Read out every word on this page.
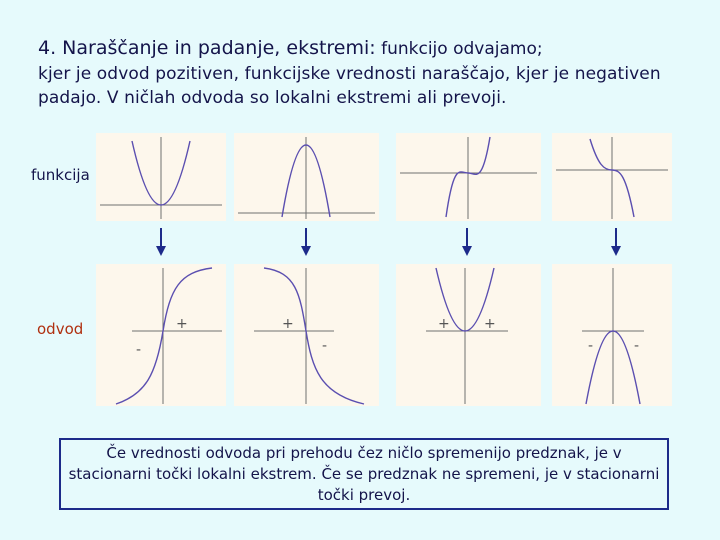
4. Naraščanje in padanje, ekstremi: funkcijo odvajamo;
kjer je odvod pozitiven, funkcijske vrednosti naraščajo, kjer je negativen padajo. V ničlah odvoda so lokalni ekstremi ali prevoji.
funkcija
odvod
-
+	+
-
+ +
-	-
Če vrednosti odvoda pri prehodu čez ničlo spremenijo predznak, je v stacionarni točki lokalni ekstrem. Če se predznak ne spremeni, je v stacionarni točki prevoj.
